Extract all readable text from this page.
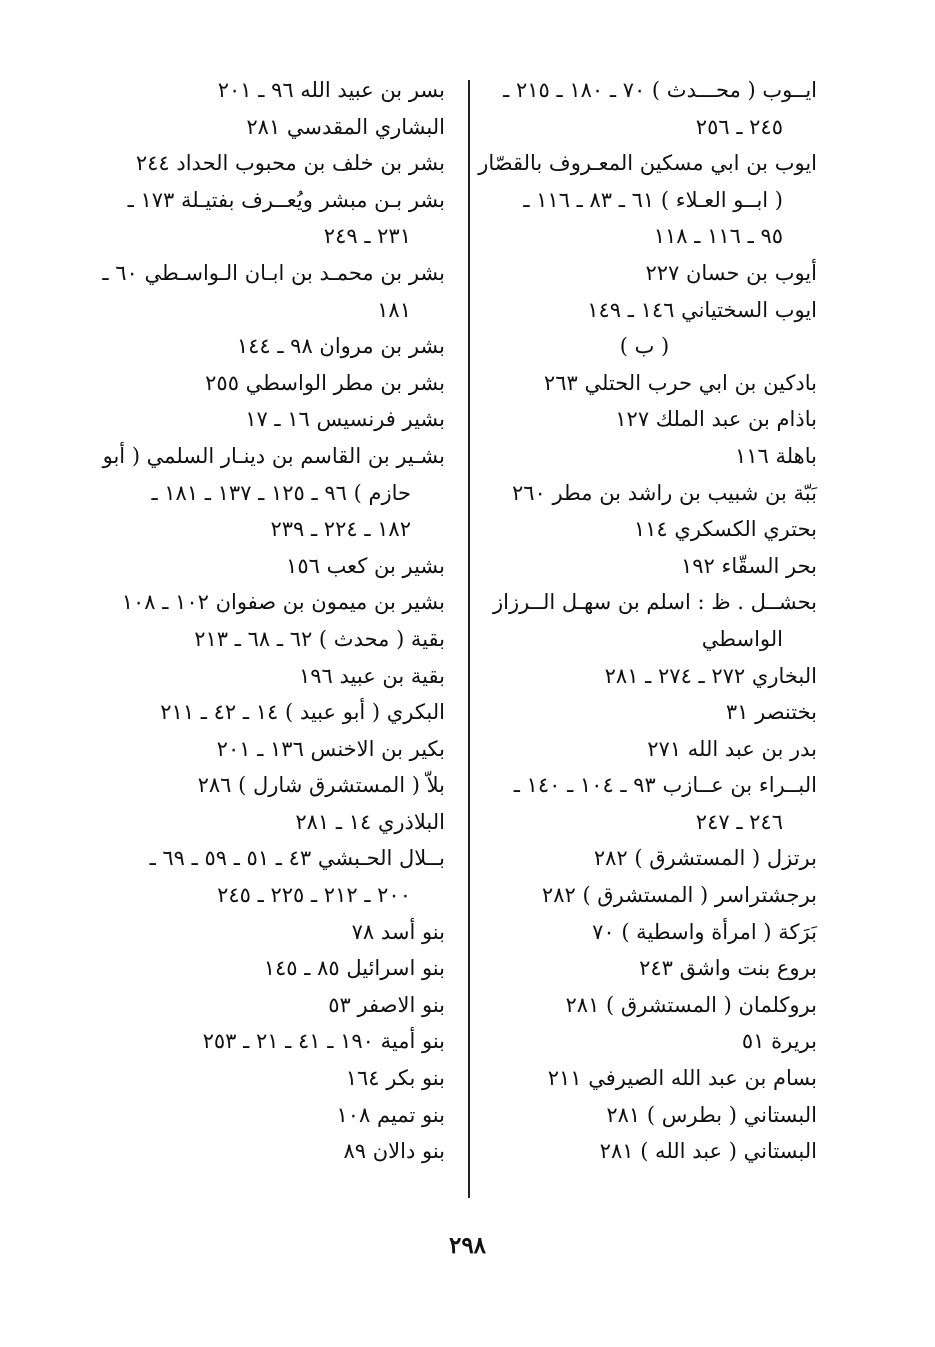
ايــوب ( محـــدث ) ٧٠ ـ ١٨٠ ـ ٢١٥ ـ
٢٤٥ ـ ٢٥٦
ايوب بن ابي مسكين المعـروف بالقصّار
( ابــو العـلاء ) ٦١ ـ ٨٣ ـ ١١٦ ـ
٩٥ ـ ١١٦ ـ ١١٨
أيوب بن حسان ٢٢٧
ايوب السختياني ١٤٦ ـ ١٤٩
( ب )
بادكين بن ابي حرب الحتلي ٢٦٣
باذام بن عبد الملك ١٢٧
باهلة ١١٦
بَبّة بن شبيب بن راشد بن مطر ٢٦٠
بحتري الكسكري ١١٤
بحر السقّاء ١٩٢
بحشــل . ظ : اسلم بن سهـل الــرزاز
الواسطي
البخاري ٢٧٢ ـ ٢٧٤ ـ ٢٨١
بختنصر ٣١
بدر بن عبد الله ٢٧١
البــراء بن عــازب ٩٣ ـ ١٠٤ ـ ١٤٠ ـ
٢٤٦ ـ ٢٤٧
برتزل ( المستشرق ) ٢٨٢
برجشتراسر ( المستشرق ) ٢٨٢
بَرَكة ( امرأة واسطية ) ٧٠
بروع بنت واشق ٢٤٣
بروكلمان ( المستشرق ) ٢٨١
بريرة ٥١
بسام بن عبد الله الصيرفي ٢١١
البستاني ( بطرس ) ٢٨١
البستاني ( عبد الله ) ٢٨١
بسر بن عبيد الله ٩٦ ـ ٢٠١
البشاري المقدسي ٢٨١
بشر بن خلف بن محبوب الحداد ٢٤٤
بشر بـن مبشر ويُعــرف بفتيـلة ١٧٣ ـ
٢٣١ ـ ٢٤٩
بشر بن محمـد بن ابـان الـواسـطي ٦٠ ـ
١٨١
بشر بن مروان ٩٨ ـ ١٤٤
بشر بن مطر الواسطي ٢٥٥
بشير فرنسيس ١٦ ـ ١٧
بشـير بن القاسم بن دينـار السلمي ( أبو
حازم ) ٩٦ ـ ١٢٥ ـ ١٣٧ ـ ١٨١ ـ
١٨٢ ـ ٢٢٤ ـ ٢٣٩
بشير بن كعب ١٥٦
بشير بن ميمون بن صفوان ١٠٢ ـ ١٠٨
بقية ( محدث ) ٦٢ ـ ٦٨ ـ ٢١٣
بقية بن عبيد ١٩٦
البكري ( أبو عبيد ) ١٤ ـ ٤٢ ـ ٢١١
بكير بن الاخنس ١٣٦ ـ ٢٠١
بلاّ ( المستشرق شارل ) ٢٨٦
البلاذري ١٤ ـ ٢٨١
بــلال الحـبشي ٤٣ ـ ٥١ ـ ٥٩ ـ ٦٩ ـ
٢٠٠ ـ ٢١٢ ـ ٢٢٥ ـ ٢٤٥
بنو أسد ٧٨
بنو اسرائيل ٨٥ ـ ١٤٥
بنو الاصفر ٥٣
بنو أمية ١٩٠ ـ ٤١ ـ ٢١ ـ ٢٥٣
بنو بكر ١٦٤
بنو تميم ١٠٨
بنو دالان ٨٩
٢٩٨
